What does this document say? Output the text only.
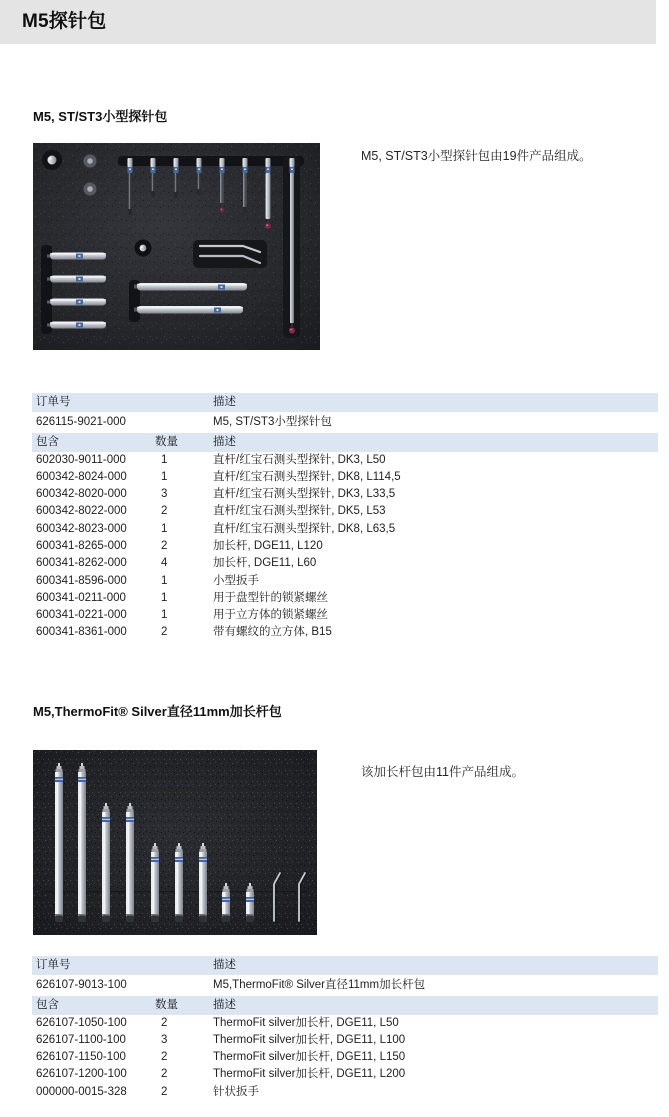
M5探针包
M5, ST/ST3小型探针包
M5, ST/ST3小型探针包由19件产品组成。
订单号	描述
626115-9021-000	M5, ST/ST3小型探针包
包含	数量	描述
602030-9011-000	1	直杆/红宝石测头型探针, DK3, L50
600342-8024-000	1	直杆/红宝石测头型探针, DK8, L114,5
600342-8020-000	3	直杆/红宝石测头型探针, DK3, L33,5
600342-8022-000	2	直杆/红宝石测头型探针, DK5, L53
600342-8023-000	1	直杆/红宝石测头型探针, DK8, L63,5
600341-8265-000	2	加长杆, DGE11, L120
600341-8262-000	4	加长杆, DGE11, L60
600341-8596-000	1	小型扳手
600341-0211-000	1	用于盘型针的锁紧螺丝
600341-0221-000	1	用于立方体的锁紧螺丝
600341-8361-000	2	带有螺纹的立方体, B15
M5,ThermoFit® Silver直径11mm加长杆包
该加长杆包由11件产品组成。
订单号	描述
626107-9013-100	M5,ThermoFit® Silver直径11mm加长杆包
包含	数量	描述
626107-1050-100	2	ThermoFit silver加长杆, DGE11, L50
626107-1100-100	3	ThermoFit silver加长杆, DGE11, L100
626107-1150-100	2	ThermoFit silver加长杆, DGE11, L150
626107-1200-100	2	ThermoFit silver加长杆, DGE11, L200
000000-0015-328	2	针状扳手
